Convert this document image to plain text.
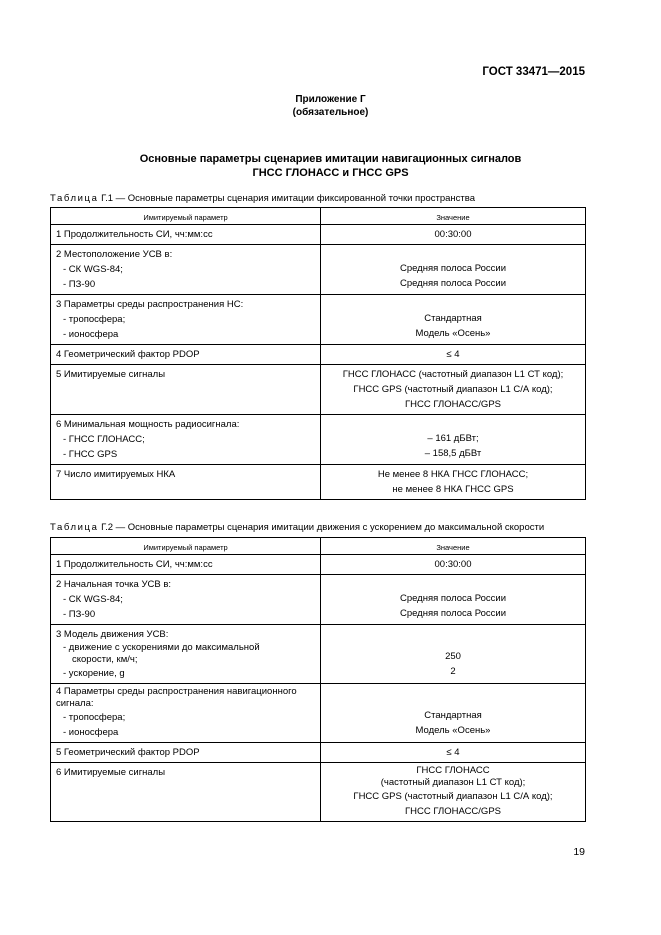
ГОСТ 33471—2015
Приложение Г
(обязательное)
Основные параметры сценариев имитации навигационных сигналов
ГНСС ГЛОНАСС и ГНСС GPS
Таблица Г.1 — Основные параметры сценария имитации фиксированной точки пространства
Имитируемый параметр	Значение
1 Продолжительность СИ, чч:мм:сс	00:30:00

2 Местоположение УСВ в:
- СК WGS-84;
- ПЗ-90	Средняя полоса России
Средняя полоса России

3 Параметры среды распространения НС:
- тропосфера;
- ионосфера	Стандартная
Модель «Осень»

4 Геометрический фактор PDOP	≤ 4
5 Имитируемые сигналы	ГНСС ГЛОНАСС (частотный диапазон L1 СТ код);
ГНСС GPS (частотный диапазон L1 С/А код);
ГНСС ГЛОНАСС/GPS

6 Минимальная мощность радиосигнала:
- ГНСС ГЛОНАСС;
- ГНСС GPS	– 161 дБВт;
– 158,5 дБВт

7 Число имитируемых НКА	Не менее 8 НКА ГНСС ГЛОНАСС;
не менее 8 НКА ГНСС GPS
Таблица Г.2 — Основные параметры сценария имитации движения с ускорением до максимальной скорости
Имитируемый параметр	Значение
1 Продолжительность СИ, чч:мм:сс	00:30:00

2 Начальная точка УСВ в:
- СК WGS-84;
- ПЗ-90	Средняя полоса России
Средняя полоса России

3 Модель движения УСВ:
- движение с ускорениями до максимальной
скорости, км/ч;
- ускорение, g	250
2

4 Параметры среды распространения навигационного
сигнала:
- тропосфера;
- ионосфера	Стандартная
Модель «Осень»

5 Геометрический фактор PDOP	≤ 4
6 Имитируемые сигналы	ГНСС ГЛОНАСС
(частотный диапазон L1 СТ код);
ГНСС GPS (частотный диапазон L1 С/А код);
ГНСС ГЛОНАСС/GPS
19
